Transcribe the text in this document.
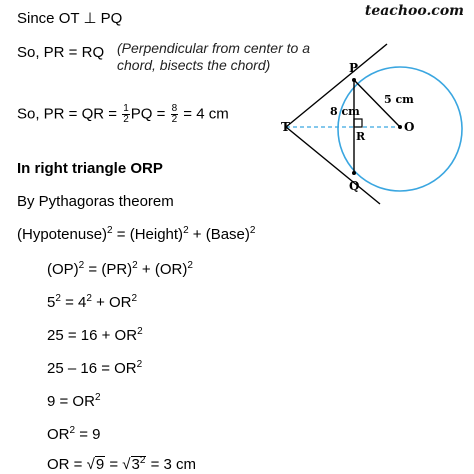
teachoo.com
Since OT ⊥ PQ
So, PR = RQ (Perpendicular from center to a chord, bisects the chord)
So, PR = QR = $\frac{1}{2}$ PQ = $\frac{8}{2} = 4$ cm
In right triangle ORP
By Pythagoras theorem
(Hypotenuse)$^2$ = (Height)$^2$ + (Base)$^2$
(OP)$^2$ = (PR)$^2$ + (OR)$^2$
$5^2 = 4^2 + OR^2$
$25 = 16 + OR^2$
$25 - 16 = OR^2$
$9 = OR^2$
$OR^2 = 9$
OR = √ 9 = √ $3^2 = 3$ cm
P
Q
T	O
R
8 cm
5 cm
